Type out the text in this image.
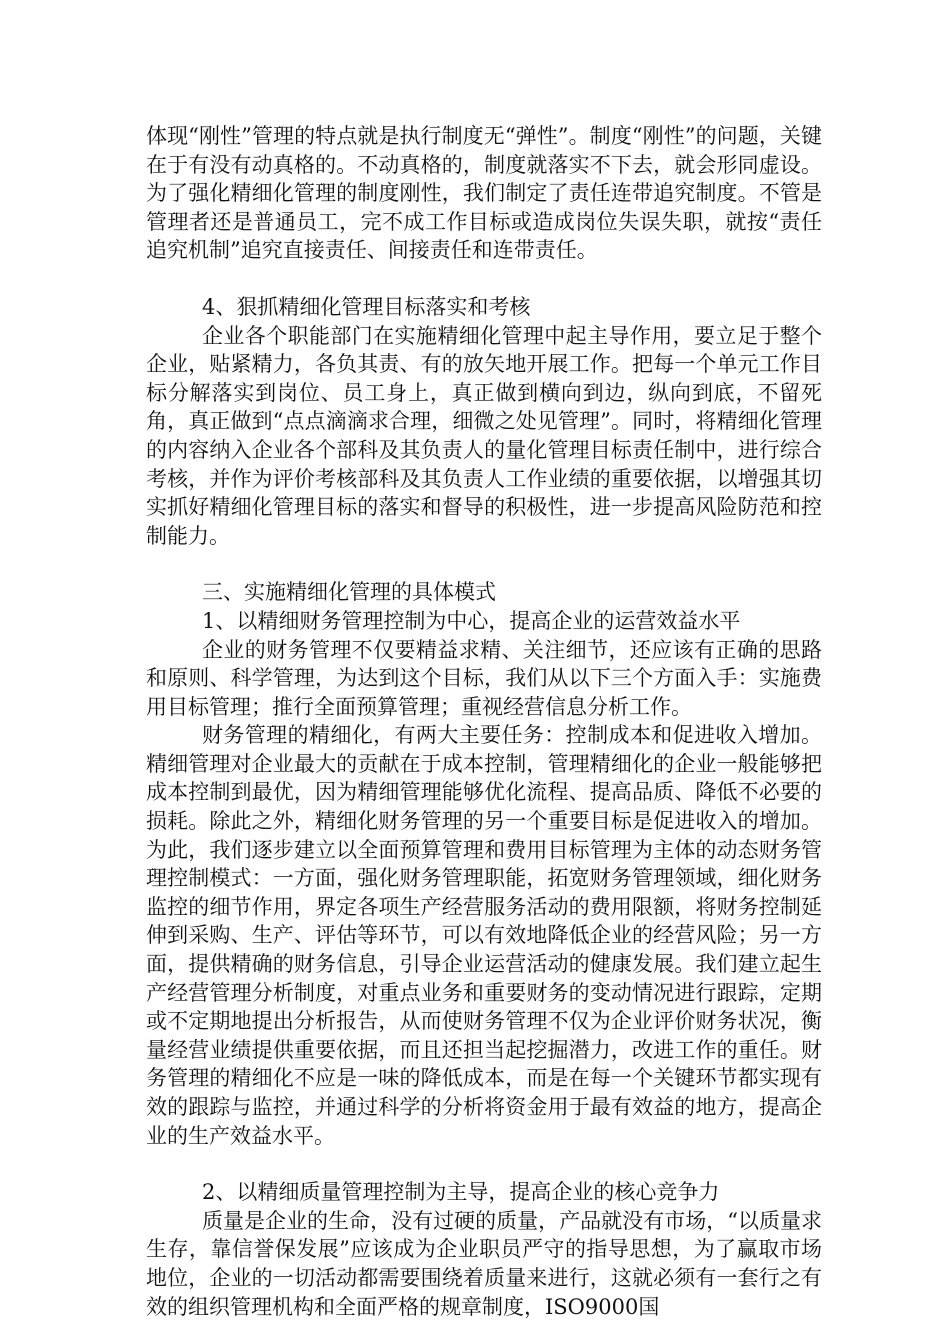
体现“刚性”管理的特点就是执行制度无“弹性”。制度“刚性”的问题，关键在于有没有动真格的。不动真格的，制度就落实不下去，就会形同虚设。为了强化精细化管理的制度刚性，我们制定了责任连带追究制度。不管是管理者还是普通员工，完不成工作目标或造成岗位失误失职，就按“责任追究机制”追究直接责任、间接责任和连带责任。

4、狠抓精细化管理目标落实和考核

企业各个职能部门在实施精细化管理中起主导作用，要立足于整个企业，贴紧精力，各负其责、有的放矢地开展工作。把每一个单元工作目标分解落实到岗位、员工身上，真正做到横向到边，纵向到底，不留死角，真正做到“点点滴滴求合理，细微之处见管理”。同时，将精细化管理的内容纳入企业各个部科及其负责人的量化管理目标责任制中，进行综合考核，并作为评价考核部科及其负责人工作业绩的重要依据，以增强其切实抓好精细化管理目标的落实和督导的积极性，进一步提高风险防范和控制能力。

三、实施精细化管理的具体模式

1、以精细财务管理控制为中心，提高企业的运营效益水平

企业的财务管理不仅要精益求精、关注细节，还应该有正确的思路和原则、科学管理，为达到这个目标，我们从以下三个方面入手：实施费用目标管理；推行全面预算管理；重视经营信息分析工作。

财务管理的精细化，有两大主要任务：控制成本和促进收入增加。精细管理对企业最大的贡献在于成本控制，管理精细化的企业一般能够把成本控制到最优，因为精细管理能够优化流程、提高品质、降低不必要的损耗。除此之外，精细化财务管理的另一个重要目标是促进收入的增加。为此，我们逐步建立以全面预算管理和费用目标管理为主体的动态财务管理控制模式：一方面，强化财务管理职能，拓宽财务管理领域，细化财务监控的细节作用，界定各项生产经营服务活动的费用限额，将财务控制延伸到采购、生产、评估等环节，可以有效地降低企业的经营风险；另一方面，提供精确的财务信息，引导企业运营活动的健康发展。我们建立起生产经营管理分析制度，对重点业务和重要财务的变动情况进行跟踪，定期或不定期地提出分析报告，从而使财务管理不仅为企业评价财务状况，衡量经营业绩提供重要依据，而且还担当起挖掘潜力，改进工作的重任。财务管理的精细化不应是一味的降低成本，而是在每一个关键环节都实现有效的跟踪与监控，并通过科学的分析将资金用于最有效益的地方，提高企业的生产效益水平。

2、以精细质量管理控制为主导，提高企业的核心竞争力

质量是企业的生命，没有过硬的质量，产品就没有市场，“以质量求生存，靠信誉保发展”应该成为企业职员严守的指导思想，为了赢取市场地位，企业的一切活动都需要围绕着质量来进行，这就必须有一套行之有效的组织管理机构和全面严格的规章制度，ISO9000国
